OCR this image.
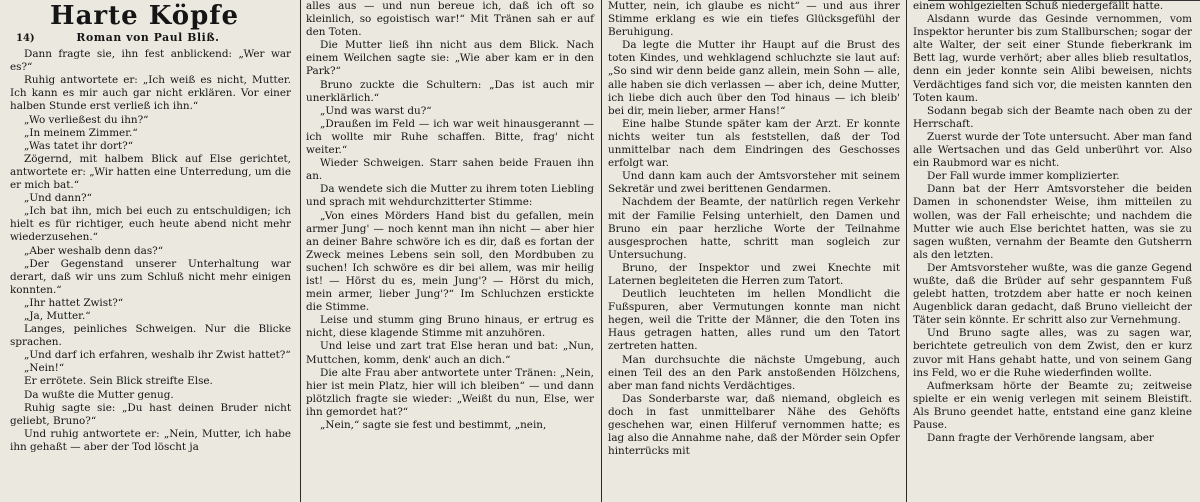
Harte Köpfe
14)	Roman von Paul Bliß.

Dann fragte sie, ihn fest anblickend: „Wer war es?“

Ruhig antwortete er: „Ich weiß es nicht, Mutter. Ich kann es mir auch gar nicht erklären. Vor einer halben Stunde erst verließ ich ihn.“

„Wo verließest du ihn?“

„In meinem Zimmer.“

„Was tatet ihr dort?“

Zögernd, mit halbem Blick auf Else gerichtet, antwortete er: „Wir hatten eine Unterredung, um die er mich bat.“

„Und dann?“

„Ich bat ihn, mich bei euch zu entschuldigen; ich hielt es für richtiger, euch heute abend nicht mehr wiederzusehen.“

„Aber weshalb denn das?“

„Der Gegenstand unserer Unterhaltung war derart, daß wir uns zum Schluß nicht mehr einigen konnten.“

„Ihr hattet Zwist?“

„Ja, Mutter.“

Langes, peinliches Schweigen. Nur die Blicke sprachen.

„Und darf ich erfahren, weshalb ihr Zwist hattet?“

„Nein!“

Er errötete. Sein Blick streifte Else.

Da wußte die Mutter genug.

Ruhig sagte sie: „Du hast deinen Bruder nicht geliebt, Bruno?“

Und ruhig antwortete er: „Nein, Mutter, ich habe ihn gehaßt — aber der Tod löscht ja

alles aus — und nun bereue ich, daß ich oft so kleinlich, so egoistisch war!“ Mit Tränen sah er auf den Toten.

Die Mutter ließ ihn nicht aus dem Blick. Nach einem Weilchen sagte sie: „Wie aber kam er in den Park?“

Bruno zuckte die Schultern: „Das ist auch mir unerklärlich.“

„Und was warst du?“

„Draußen im Feld — ich war weit hinausgerannt — ich wollte mir Ruhe schaffen. Bitte, frag' nicht weiter.“

Wieder Schweigen. Starr sahen beide Frauen ihn an.

Da wendete sich die Mutter zu ihrem toten Liebling und sprach mit wehdurchzitterter Stimme:

„Von eines Mörders Hand bist du gefallen, mein armer Jung' — noch kennt man ihn nicht — aber hier an deiner Bahre schwöre ich es dir, daß es fortan der Zweck meines Lebens sein soll, den Mordbuben zu suchen! Ich schwöre es dir bei allem, was mir heilig ist! — Hörst du es, mein Jung'? — Hörst du mich, mein armer, lieber Jung'?“ Im Schluchzen erstickte die Stimme.

Leise und stumm ging Bruno hinaus, er ertrug es nicht, diese klagende Stimme mit anzuhören.

Und leise und zart trat Else heran und bat: „Nun, Muttchen, komm, denk' auch an dich.“

Die alte Frau aber antwortete unter Tränen: „Nein, hier ist mein Platz, hier will ich bleiben“ — und dann plötzlich fragte sie wieder: „Weißt du nun, Else, wer ihn gemordet hat?“

„Nein,“ sagte sie fest und bestimmt, „nein,

Mutter, nein, ich glaube es nicht“ — und aus ihrer Stimme erklang es wie ein tiefes Glücksgefühl der Beruhigung.

Da legte die Mutter ihr Haupt auf die Brust des toten Kindes, und wehklagend schluchzte sie laut auf: „So sind wir denn beide ganz allein, mein Sohn — alle, alle haben sie dich verlassen — aber ich, deine Mutter, ich liebe dich auch über den Tod hinaus — ich bleib' bei dir, mein lieber, armer Hans!“

Eine halbe Stunde später kam der Arzt. Er konnte nichts weiter tun als feststellen, daß der Tod unmittelbar nach dem Eindringen des Geschosses erfolgt war.

Und dann kam auch der Amtsvorsteher mit seinem Sekretär und zwei berittenen Gendarmen.

Nachdem der Beamte, der natürlich regen Verkehr mit der Familie Felsing unterhielt, den Damen und Bruno ein paar herzliche Worte der Teilnahme ausgesprochen hatte, schritt man sogleich zur Untersuchung.

Bruno, der Inspektor und zwei Knechte mit Laternen begleiteten die Herren zum Tatort.

Deutlich leuchteten im hellen Mondlicht die Fußspuren, aber Vermutungen konnte man nicht hegen, weil die Tritte der Männer, die den Toten ins Haus getragen hatten, alles rund um den Tatort zertreten hatten.

Man durchsuchte die nächste Umgebung, auch einen Teil des an den Park anstoßenden Hölzchens, aber man fand nichts Verdächtiges.

Das Sonderbarste war, daß niemand, obgleich es doch in fast unmittelbarer Nähe des Gehöfts geschehen war, einen Hilferuf vernommen hatte; es lag also die Annahme nahe, daß der Mörder sein Opfer hinterrücks mit

einem wohlgezielten Schuß niedergefällt hatte.

Alsdann wurde das Gesinde vernommen, vom Inspektor herunter bis zum Stallburschen; sogar der alte Walter, der seit einer Stunde fieberkrank im Bett lag, wurde verhört; aber alles blieb resultatlos, denn ein jeder konnte sein Alibi beweisen, nichts Verdächtiges fand sich vor, die meisten kannten den Toten kaum.

Sodann begab sich der Beamte nach oben zu der Herrschaft.

Zuerst wurde der Tote untersucht. Aber man fand alle Wertsachen und das Geld unberührt vor. Also ein Raubmord war es nicht.

Der Fall wurde immer komplizierter.

Dann bat der Herr Amtsvorsteher die beiden Damen in schonendster Weise, ihm mitteilen zu wollen, was der Fall erheischte; und nachdem die Mutter wie auch Else berichtet hatten, was sie zu sagen wußten, vernahm der Beamte den Gutsherrn als den letzten.

Der Amtsvorsteher wußte, was die ganze Gegend wußte, daß die Brüder auf sehr gespanntem Fuß gelebt hatten, trotzdem aber hatte er noch keinen Augenblick daran gedacht, daß Bruno vielleicht der Täter sein könnte. Er schritt also zur Vernehmung.

Und Bruno sagte alles, was zu sagen war, berichtete getreulich von dem Zwist, den er kurz zuvor mit Hans gehabt hatte, und von seinem Gang ins Feld, wo er die Ruhe wiederfinden wollte.

Aufmerksam hörte der Beamte zu; zeitweise spielte er ein wenig verlegen mit seinem Bleistift. Als Bruno geendet hatte, entstand eine ganz kleine Pause.

Dann fragte der Verhörende langsam, aber
